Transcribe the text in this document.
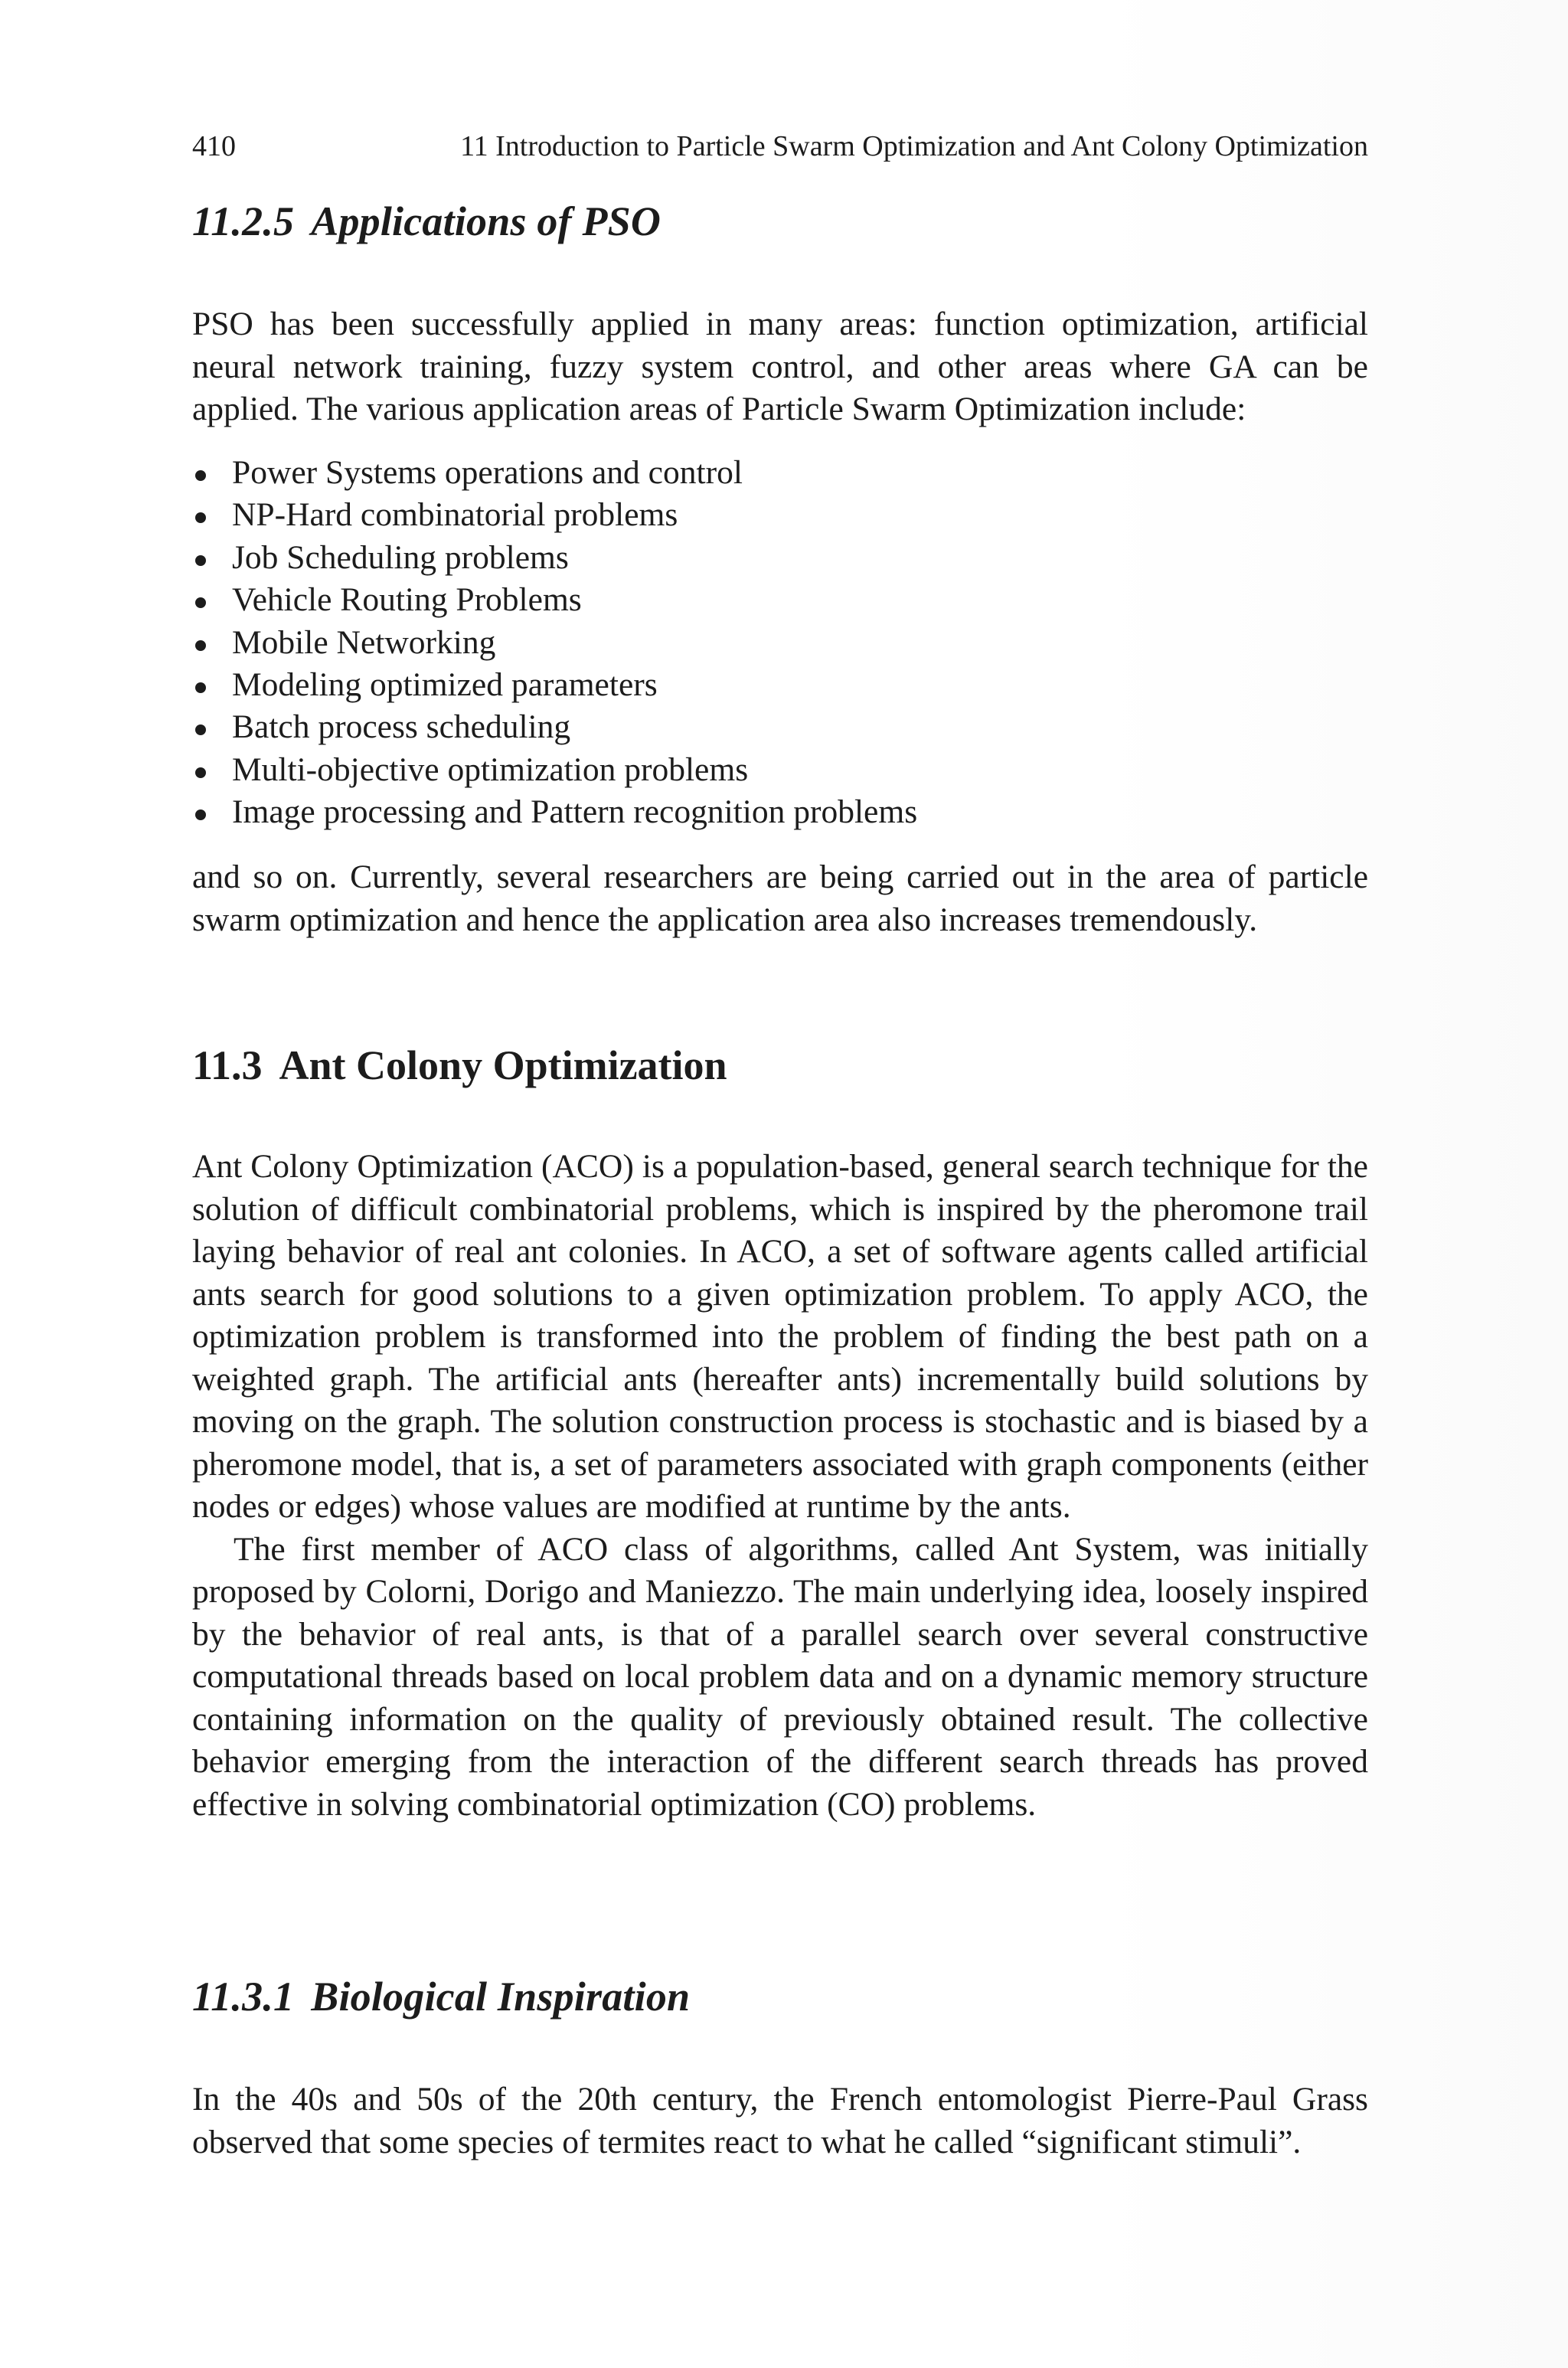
410	11 Introduction to Particle Swarm Optimization and Ant Colony Optimization
11.2.5 Applications of PSO

PSO has been successfully applied in many areas: function optimization, artificial neural network training, fuzzy system control, and other areas where GA can be applied. The various application areas of Particle Swarm Optimization include:

Power Systems operations and control
NP-Hard combinatorial problems
Job Scheduling problems
Vehicle Routing Problems
Mobile Networking
Modeling optimized parameters
Batch process scheduling
Multi-objective optimization problems
Image processing and Pattern recognition problems

and so on. Currently, several researchers are being carried out in the area of particle swarm optimization and hence the application area also increases tremendously.

11.3 Ant Colony Optimization

Ant Colony Optimization (ACO) is a population-based, general search technique for the solution of difficult combinatorial problems, which is inspired by the pheromone trail laying behavior of real ant colonies. In ACO, a set of software agents called artificial ants search for good solutions to a given optimization problem. To apply ACO, the optimization problem is transformed into the problem of finding the best path on a weighted graph. The artificial ants (hereafter ants) incrementally build solutions by moving on the graph. The solution construction process is stochastic and is biased by a pheromone model, that is, a set of parameters associated with graph components (either nodes or edges) whose values are modified at runtime by the ants.

The first member of ACO class of algorithms, called Ant System, was initially proposed by Colorni, Dorigo and Maniezzo. The main underlying idea, loosely inspired by the behavior of real ants, is that of a parallel search over several constructive computational threads based on local problem data and on a dynamic memory structure containing information on the quality of previously obtained result. The collective behavior emerging from the interaction of the different search threads has proved effective in solving combinatorial optimization (CO) problems.

11.3.1 Biological Inspiration

In the 40s and 50s of the 20th century, the French entomologist Pierre-Paul Grass observed that some species of termites react to what he called “significant stimuli”.
